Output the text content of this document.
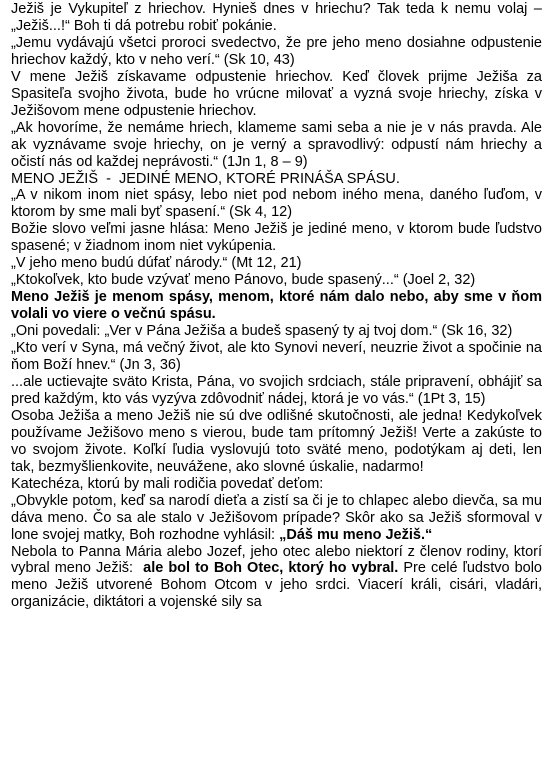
Ježiš je Vykupiteľ z hriechov. Hynieš dnes v hriechu? Tak teda k nemu volaj – „Ježiš...!“ Boh ti dá potrebu robiť pokánie.

„Jemu vydávajú všetci proroci svedectvo, že pre jeho meno dosiahne odpustenie hriechov každý, kto v neho verí.“ (Sk 10, 43)

V mene Ježiš získavame odpustenie hriechov. Keď človek prijme Ježiša za Spasiteľa svojho života, bude ho vrúcne milovať a vyzná svoje hriechy, získa v Ježišovom mene odpustenie hriechov.

„Ak hovoríme, že nemáme hriech, klameme sami seba a nie je v nás pravda. Ale ak vyznávame svoje hriechy, on je verný a spravodlivý: odpustí nám hriechy a očistí nás od každej neprávosti.“ (1Jn 1, 8 – 9)

MENO JEŽIŠ  -  JEDINÉ MENO, KTORÉ PRINÁŠA SPÁSU.

„A v nikom inom niet spásy, lebo niet pod nebom iného mena, daného ľuďom, v ktorom by sme mali byť spasení.“ (Sk 4, 12)

Božie slovo veľmi jasne hlása: Meno Ježiš je jediné meno, v ktorom bude ľudstvo spasené; v žiadnom inom niet vykúpenia.

„V jeho meno budú dúfať národy.“ (Mt 12, 21)

„Ktokoľvek, kto bude vzývať meno Pánovo, bude spasený...“ (Joel 2, 32)

Meno Ježiš je menom spásy, menom, ktoré nám dalo nebo, aby sme v ňom volali vo viere o večnú spásu.

„Oni povedali: „Ver v Pána Ježiša a budeš spasený ty aj tvoj dom.“ (Sk 16, 32)

„Kto verí v Syna, má večný život, ale kto Synovi neverí, neuzrie život a spočinie na ňom Boží hnev.“ (Jn 3, 36)

...ale uctievajte sväto Krista, Pána, vo svojich srdciach, stále pripravení, obhájiť sa pred každým, kto vás vyzýva zdôvodniť nádej, ktorá je vo vás.“ (1Pt 3, 15)

Osoba Ježiša a meno Ježiš nie sú dve odlišné skutočnosti, ale jedna! Kedykoľvek používame Ježišovo meno s vierou, bude tam prítomný Ježiš! Verte a zakúste to vo svojom živote. Koľkí ľudia vyslovujú toto sväté meno, podotýkam aj deti, len tak, bezmyšlienkovite, neuvážene, ako slovné úskalie, nadarmo!

Katechéza, ktorú by mali rodičia povedať deťom:

„Obvykle potom, keď sa narodí dieťa a zistí sa či je to chlapec alebo dievča, sa mu dáva meno. Čo sa ale stalo v Ježišovom prípade? Skôr ako sa Ježiš sformoval v lone svojej matky, Boh rozhodne vyhlásil: „Dáš mu meno Ježiš.“

Nebola to Panna Mária alebo Jozef, jeho otec alebo niektorí z členov rodiny, ktorí vybral meno Ježiš:  ale bol to Boh Otec, ktorý ho vybral. Pre celé ľudstvo bolo meno Ježiš utvorené Bohom Otcom v jeho srdci. Viacerí králi, cisári, vladári, organizácie, diktátori a vojenské sily sa
